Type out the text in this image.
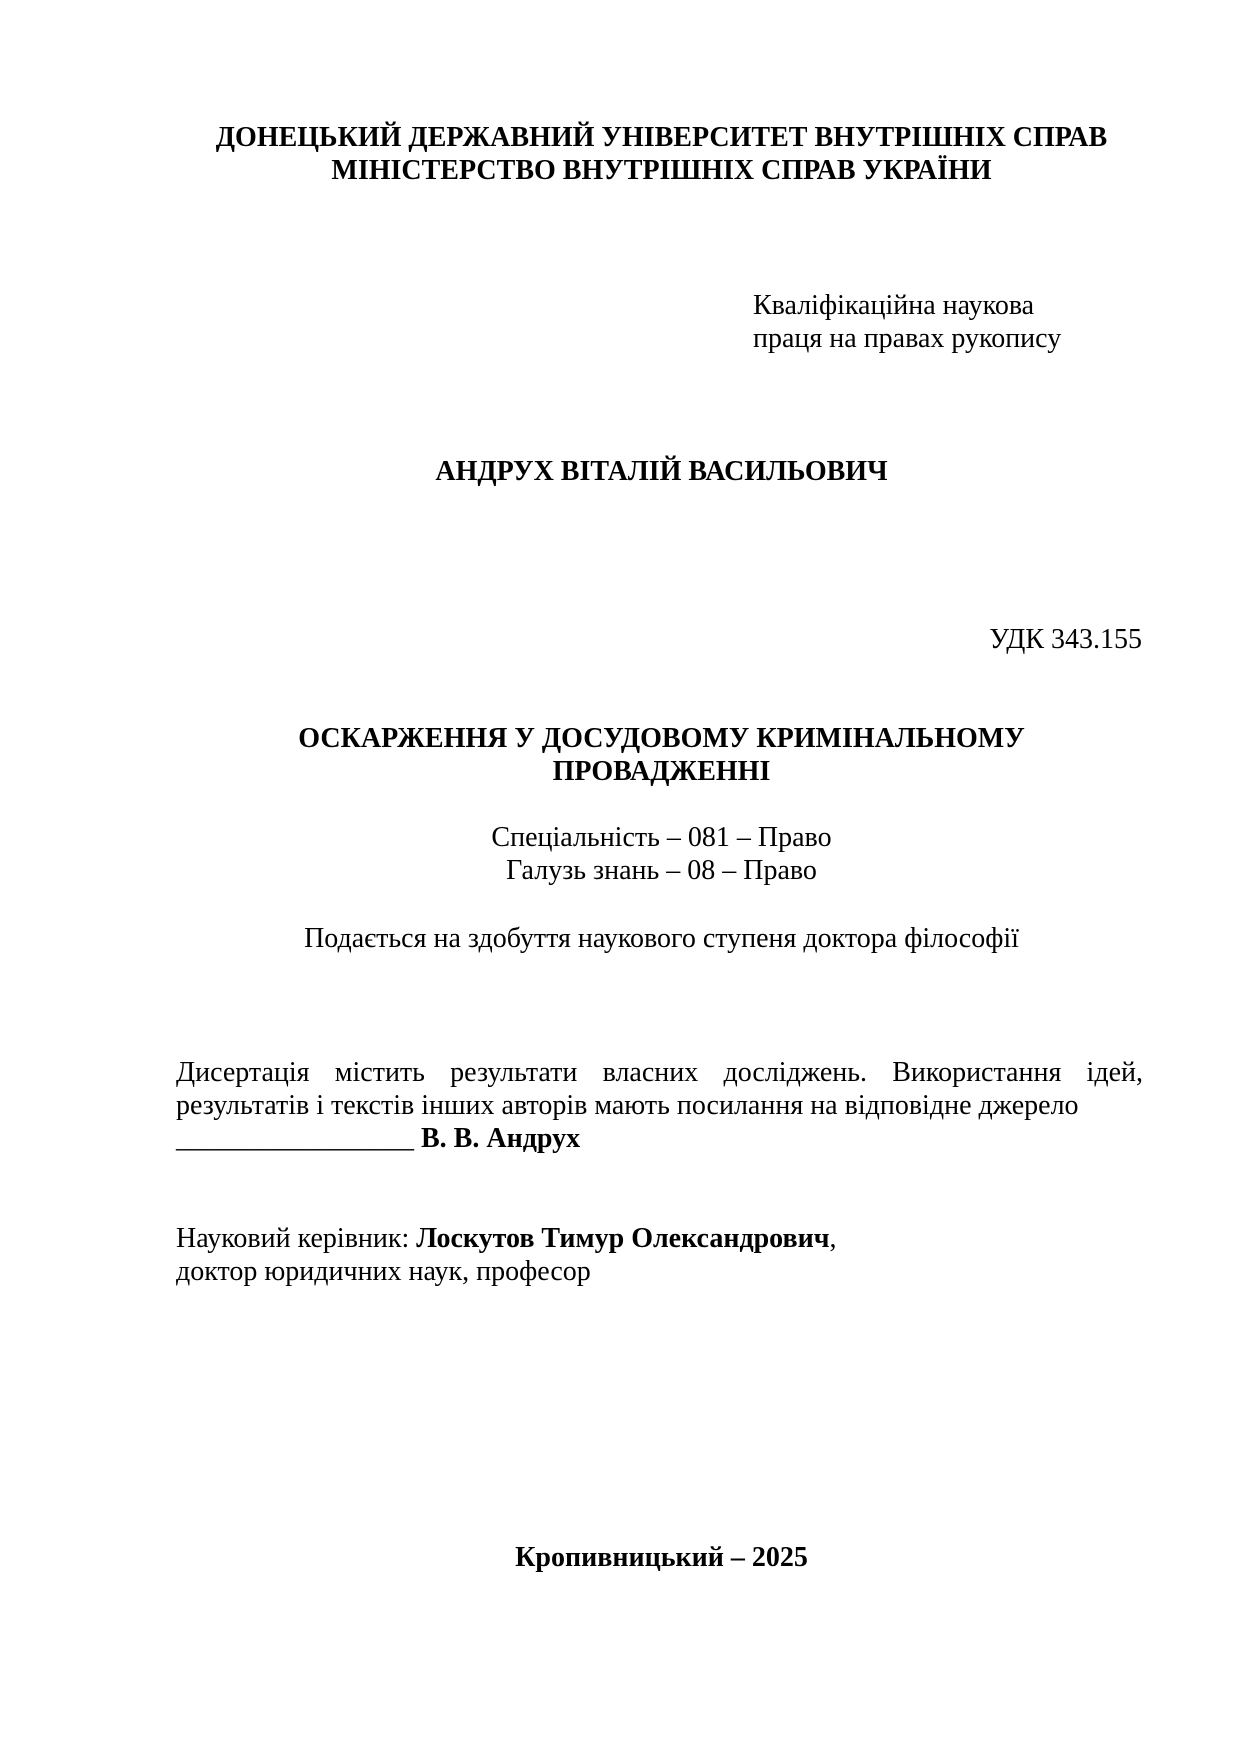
ДОНЕЦЬКИЙ ДЕРЖАВНИЙ УНІВЕРСИТЕТ ВНУТРІШНІХ СПРАВ
МІНІСТЕРСТВО ВНУТРІШНІХ СПРАВ УКРАЇНИ
Кваліфікаційна наукова
праця на правах рукопису
АНДРУХ ВІТАЛІЙ ВАСИЛЬОВИЧ
УДК 343.155
ОСКАРЖЕННЯ У ДОСУДОВОМУ КРИМІНАЛЬНОМУ
ПРОВАДЖЕННІ
Спеціальність – 081 – Право
Галузь знань – 08 – Право
Подається на здобуття наукового ступеня доктора філософії
Дисертація містить результати власних досліджень. Використання ідей,
результатів і текстів інших авторів мають посилання на відповідне джерело
_________________ В. В. Андрух
Науковий керівник: Лоскутов Тимур Олександрович,
доктор юридичних наук, професор
Кропивницький – 2025
